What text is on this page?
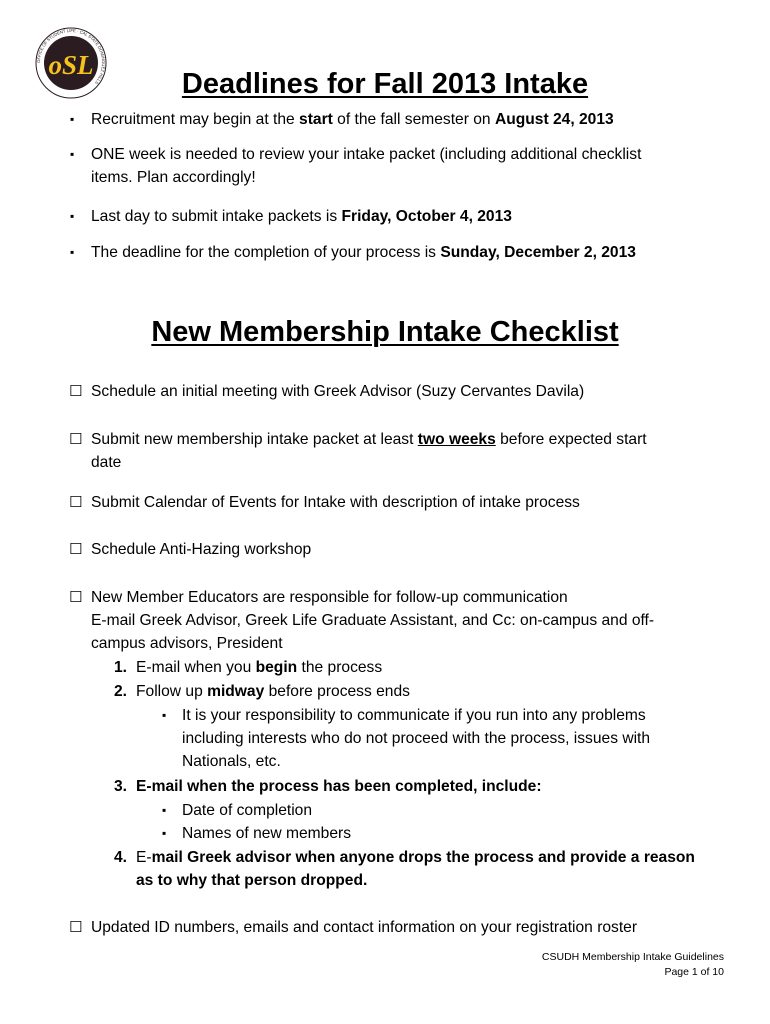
OFFICE OF STUDENT LIFE · CAL STATE DOMINGUEZ HILLS
oSL
Deadlines for Fall 2013 Intake
▪ Recruitment may begin at the start of the fall semester on August 24, 2013
▪ ONE week is needed to review your intake packet (including additional checklist
items. Plan accordingly!
▪ Last day to submit intake packets is Friday, October 4, 2013
▪ The deadline for the completion of your process is Sunday, December 2, 2013
New Membership Intake Checklist
☐ Schedule an initial meeting with Greek Advisor (Suzy Cervantes Davila)
☐ Submit new membership intake packet at least two weeks before expected start
date
☐ Submit Calendar of Events for Intake with description of intake process
☐ Schedule Anti-Hazing workshop
☐ New Member Educators are responsible for follow-up communication
E-mail Greek Advisor, Greek Life Graduate Assistant, and Cc: on-campus and off-
campus advisors, President
1. E-mail when you begin the process
2. Follow up midway before process ends
▪ It is your responsibility to communicate if you run into any problems
including interests who do not proceed with the process, issues with
Nationals, etc.
3. E-mail when the process has been completed, include:
▪ Date of completion
▪ Names of new members
4. E-mail Greek advisor when anyone drops the process and provide a reason
as to why that person dropped.
☐ Updated ID numbers, emails and contact information on your registration roster
CSUDH Membership Intake Guidelines
Page 1 of 10
